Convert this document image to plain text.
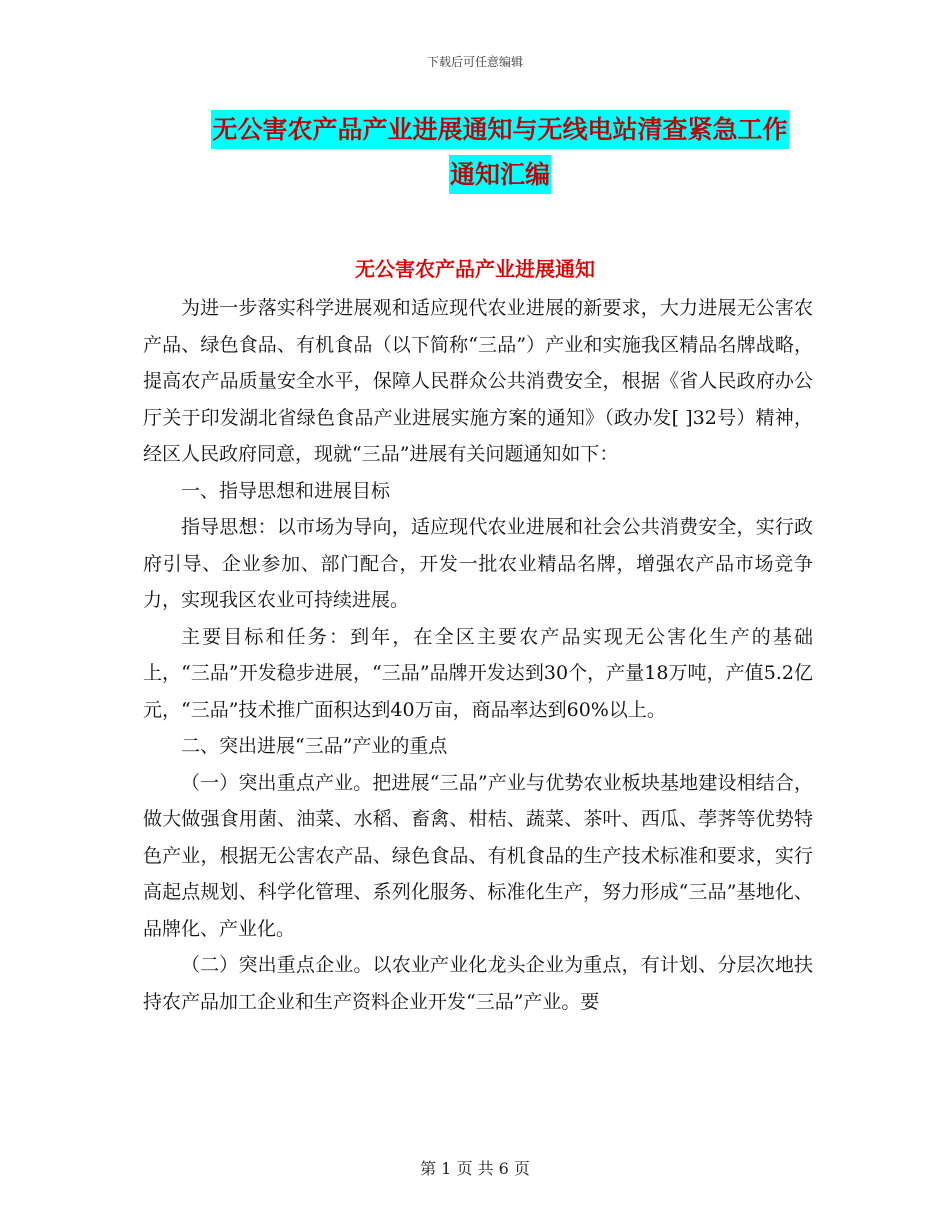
下载后可任意编辑
无公害农产品产业进展通知与无线电站清查紧急工作
通知汇编
无公害农产品产业进展通知

为进一步落实科学进展观和适应现代农业进展的新要求，大力进展无公害农产品、绿色食品、有机食品（以下简称“三品”）产业和实施我区精品名牌战略，提高农产品质量安全水平，保障人民群众公共消费安全，根据《省人民政府办公厅关于印发湖北省绿色食品产业进展实施方案的通知》（政办发[ ]32号）精神，经区人民政府同意，现就“三品”进展有关问题通知如下：

一、指导思想和进展目标

指导思想：以市场为导向，适应现代农业进展和社会公共消费安全，实行政府引导、企业参加、部门配合，开发一批农业精品名牌，增强农产品市场竞争力，实现我区农业可持续进展。

主要目标和任务：到年，在全区主要农产品实现无公害化生产的基础上，“三品”开发稳步进展，“三品”品牌开发达到30个，产量18万吨，产值5.2亿元，“三品”技术推广面积达到40万亩，商品率达到60%以上。

二、突出进展“三品”产业的重点

（一）突出重点产业。把进展“三品”产业与优势农业板块基地建设相结合，做大做强食用菌、油菜、水稻、畜禽、柑桔、蔬菜、茶叶、西瓜、荸荠等优势特色产业，根据无公害农产品、绿色食品、有机食品的生产技术标准和要求，实行高起点规划、科学化管理、系列化服务、标准化生产，努力形成“三品”基地化、品牌化、产业化。

（二）突出重点企业。以农业产业化龙头企业为重点，有计划、分层次地扶持农产品加工企业和生产资料企业开发“三品”产业。要

第 1 页 共 6 页
